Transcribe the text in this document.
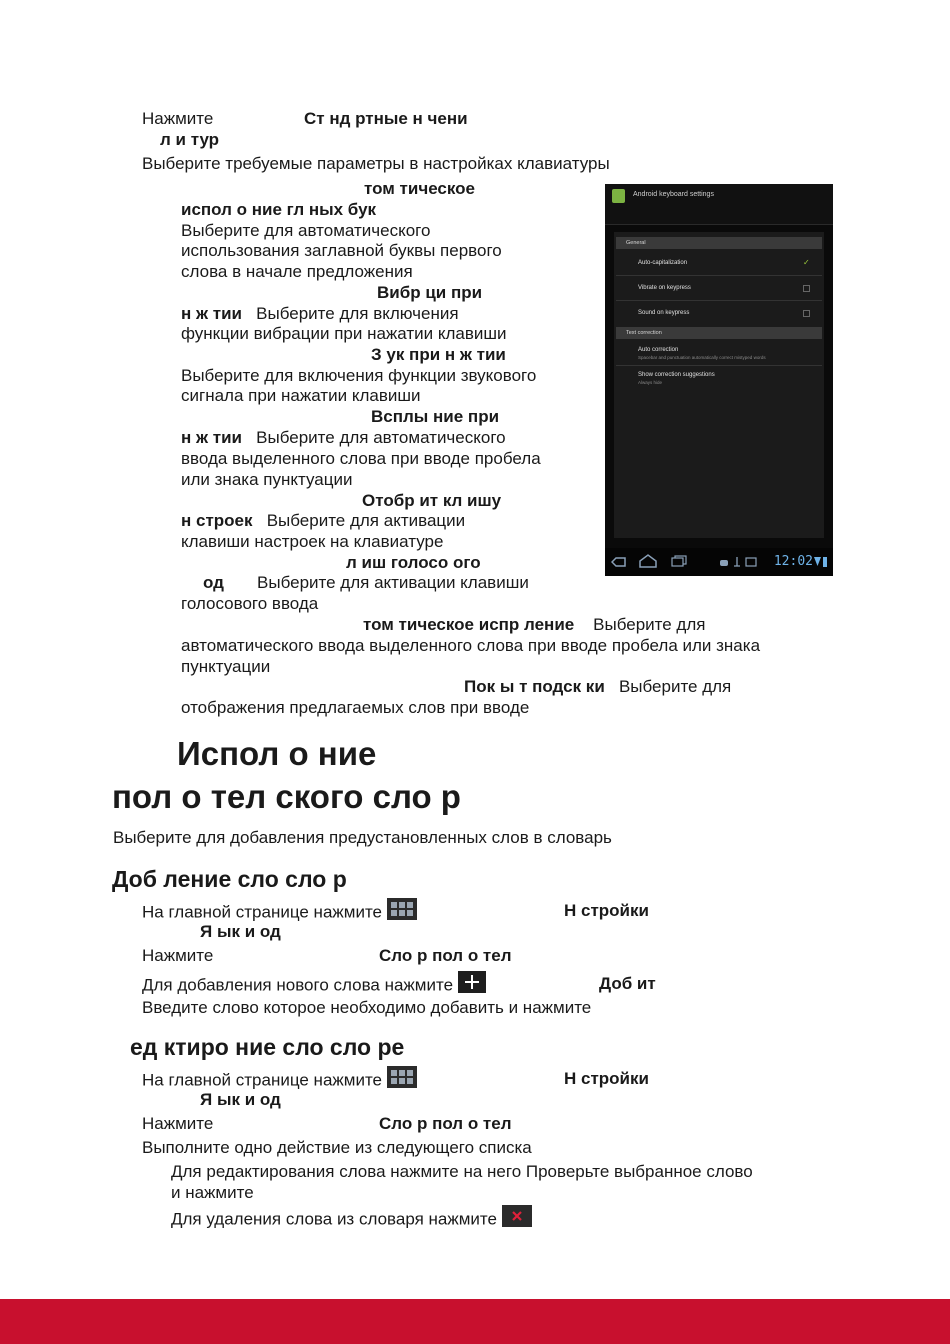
Нажмите	Ст нд ртные н чени
л и тур
Выберите требуемые параметры в настройках клавиатуры
том тическое
испол о ние гл ных бук
Выберите для автоматического
использования заглавной буквы первого
слова в начале предложения
Вибр ци при
н ж тии Выберите для включения
функции вибрации при нажатии клавиши
З ук при н ж тии
Выберите для включения функции звукового
сигнала при нажатии клавиши
Всплы ние при
н ж тии Выберите для автоматического
ввода выделенного слова при вводе пробела
или знака пунктуации
Отобр ит кл ишу
н строек Выберите для активации
клавиши настроек на клавиатуре
л иш голосо ого
од Выберите для активации клавиши
голосового ввода
том тическое испр ление Выберите для
автоматического ввода выделенного слова при вводе пробела или знака
пунктуации
Пок ы т подск ки Выберите для
отображения предлагаемых слов при вводе
Android keyboard settings
General
Auto-capitalization	✓
Vibrate on keypress
Sound on keypress
Text correction
Auto correction
Spacebar and punctuation automatically correct mistyped words
Show correction suggestions
Always hide
12:02
Испол о ние
пол о тел ского сло р
Выберите для добавления предустановленных слов в словарь
Доб ление сло сло р
На главной странице нажмите	Н стройки
Я ык и од
Нажмите	Сло р пол о тел
Для добавления нового слова нажмите	Доб ит
Введите слово которое необходимо добавить и нажмите
ед ктиро ние сло сло ре
На главной странице нажмите	Н стройки
Я ык и од
Нажмите	Сло р пол о тел
Выполните одно действие из следующего списка
Для редактирования слова нажмите на него Проверьте выбранное слово
и нажмите
Для удаления слова из словаря нажмите
